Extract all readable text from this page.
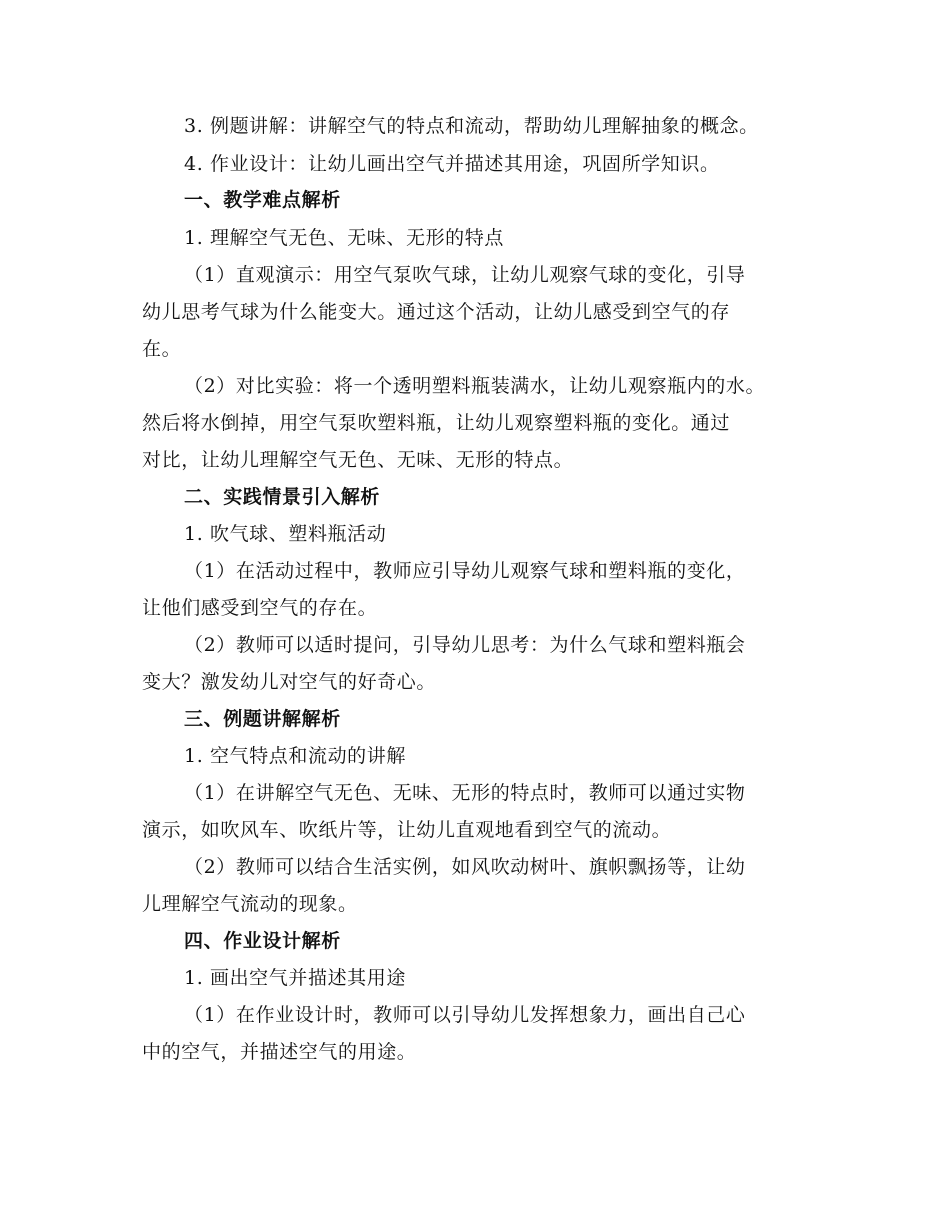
3. 例题讲解：讲解空气的特点和流动，帮助幼儿理解抽象的概念。
4. 作业设计：让幼儿画出空气并描述其用途，巩固所学知识。
一、教学难点解析
1. 理解空气无色、无味、无形的特点
（1）直观演示：用空气泵吹气球，让幼儿观察气球的变化，引导
幼儿思考气球为什么能变大。通过这个活动，让幼儿感受到空气的存
在。
（2）对比实验：将一个透明塑料瓶装满水，让幼儿观察瓶内的水。
然后将水倒掉，用空气泵吹塑料瓶，让幼儿观察塑料瓶的变化。通过
对比，让幼儿理解空气无色、无味、无形的特点。
二、实践情景引入解析
1. 吹气球、塑料瓶活动
（1）在活动过程中，教师应引导幼儿观察气球和塑料瓶的变化，
让他们感受到空气的存在。
（2）教师可以适时提问，引导幼儿思考：为什么气球和塑料瓶会
变大？激发幼儿对空气的好奇心。
三、例题讲解解析
1. 空气特点和流动的讲解
（1）在讲解空气无色、无味、无形的特点时，教师可以通过实物
演示，如吹风车、吹纸片等，让幼儿直观地看到空气的流动。
（2）教师可以结合生活实例，如风吹动树叶、旗帜飘扬等，让幼
儿理解空气流动的现象。
四、作业设计解析
1. 画出空气并描述其用途
（1）在作业设计时，教师可以引导幼儿发挥想象力，画出自己心
中的空气，并描述空气的用途。
